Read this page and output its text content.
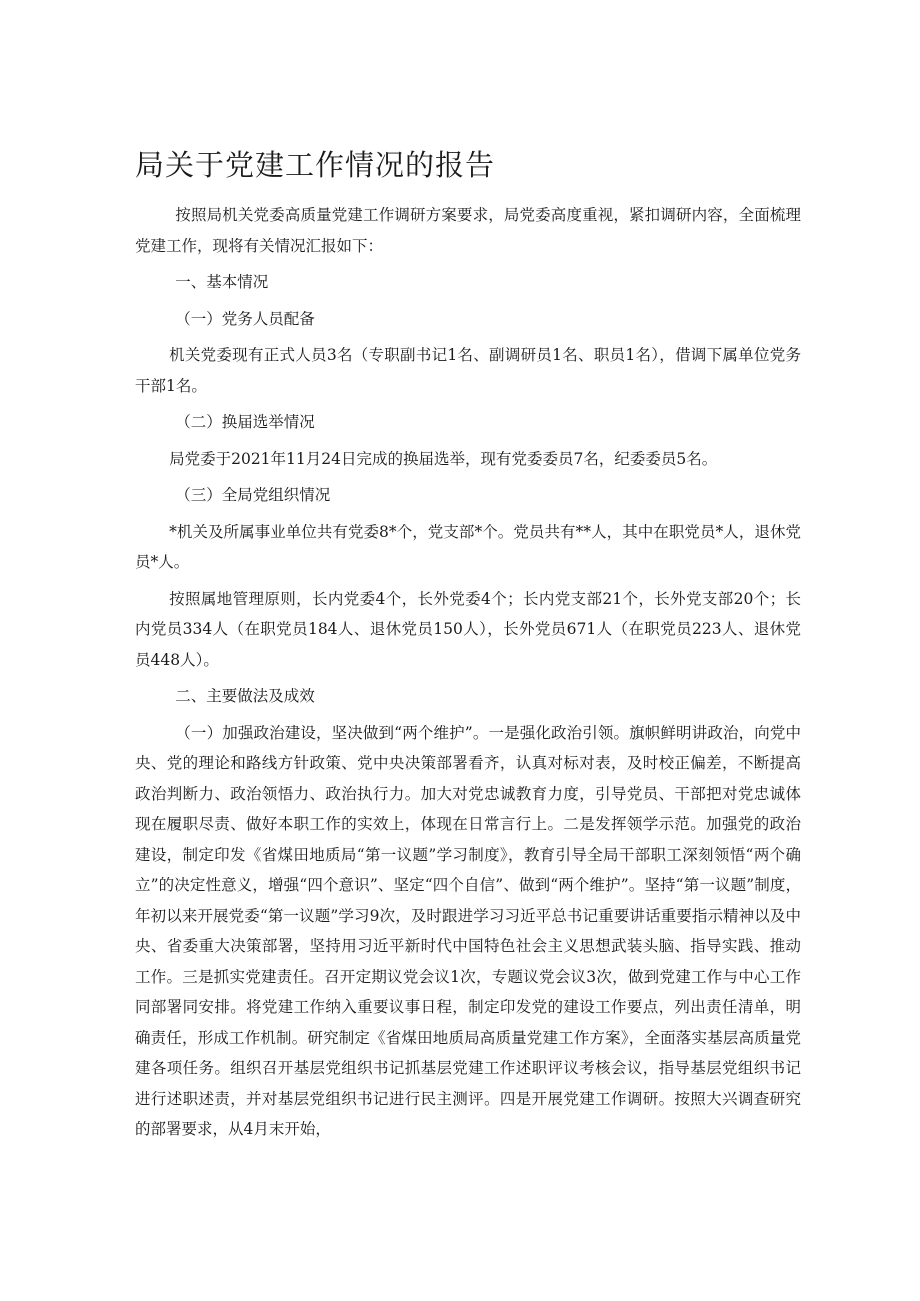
局关于党建工作情况的报告

按照局机关党委高质量党建工作调研方案要求，局党委高度重视，紧扣调研内容，全面梳理党建工作，现将有关情况汇报如下：

一、基本情况

（一）党务人员配备

机关党委现有正式人员3名（专职副书记1名、副调研员1名、职员1名），借调下属单位党务干部1名。

（二）换届选举情况

局党委于2021年11月24日完成的换届选举，现有党委委员7名，纪委委员5名。

（三）全局党组织情况

*机关及所属事业单位共有党委8*个，党支部*个。党员共有**人，其中在职党员*人，退休党员*人。

按照属地管理原则，长内党委4个，长外党委4个；长内党支部21个，长外党支部20个；长内党员334人（在职党员184人、退休党员150人），长外党员671人（在职党员223人、退休党员448人）。

二、主要做法及成效

（一）加强政治建设，坚决做到“两个维护”。一是强化政治引领。旗帜鲜明讲政治，向党中央、党的理论和路线方针政策、党中央决策部署看齐，认真对标对表，及时校正偏差，不断提高政治判断力、政治领悟力、政治执行力。加大对党忠诚教育力度，引导党员、干部把对党忠诚体现在履职尽责、做好本职工作的实效上，体现在日常言行上。二是发挥领学示范。加强党的政治建设，制定印发《省煤田地质局“第一议题”学习制度》，教育引导全局干部职工深刻领悟“两个确立”的决定性意义，增强“四个意识”、坚定“四个自信”、做到“两个维护”。坚持“第一议题”制度，年初以来开展党委“第一议题”学习9次，及时跟进学习习近平总书记重要讲话重要指示精神以及中央、省委重大决策部署，坚持用习近平新时代中国特色社会主义思想武装头脑、指导实践、推动工作。三是抓实党建责任。召开定期议党会议1次，专题议党会议3次，做到党建工作与中心工作同部署同安排。将党建工作纳入重要议事日程，制定印发党的建设工作要点，列出责任清单，明确责任，形成工作机制。研究制定《省煤田地质局高质量党建工作方案》，全面落实基层高质量党建各项任务。组织召开基层党组织书记抓基层党建工作述职评议考核会议，指导基层党组织书记进行述职述责，并对基层党组织书记进行民主测评。四是开展党建工作调研。按照大兴调查研究的部署要求，从4月末开始，
